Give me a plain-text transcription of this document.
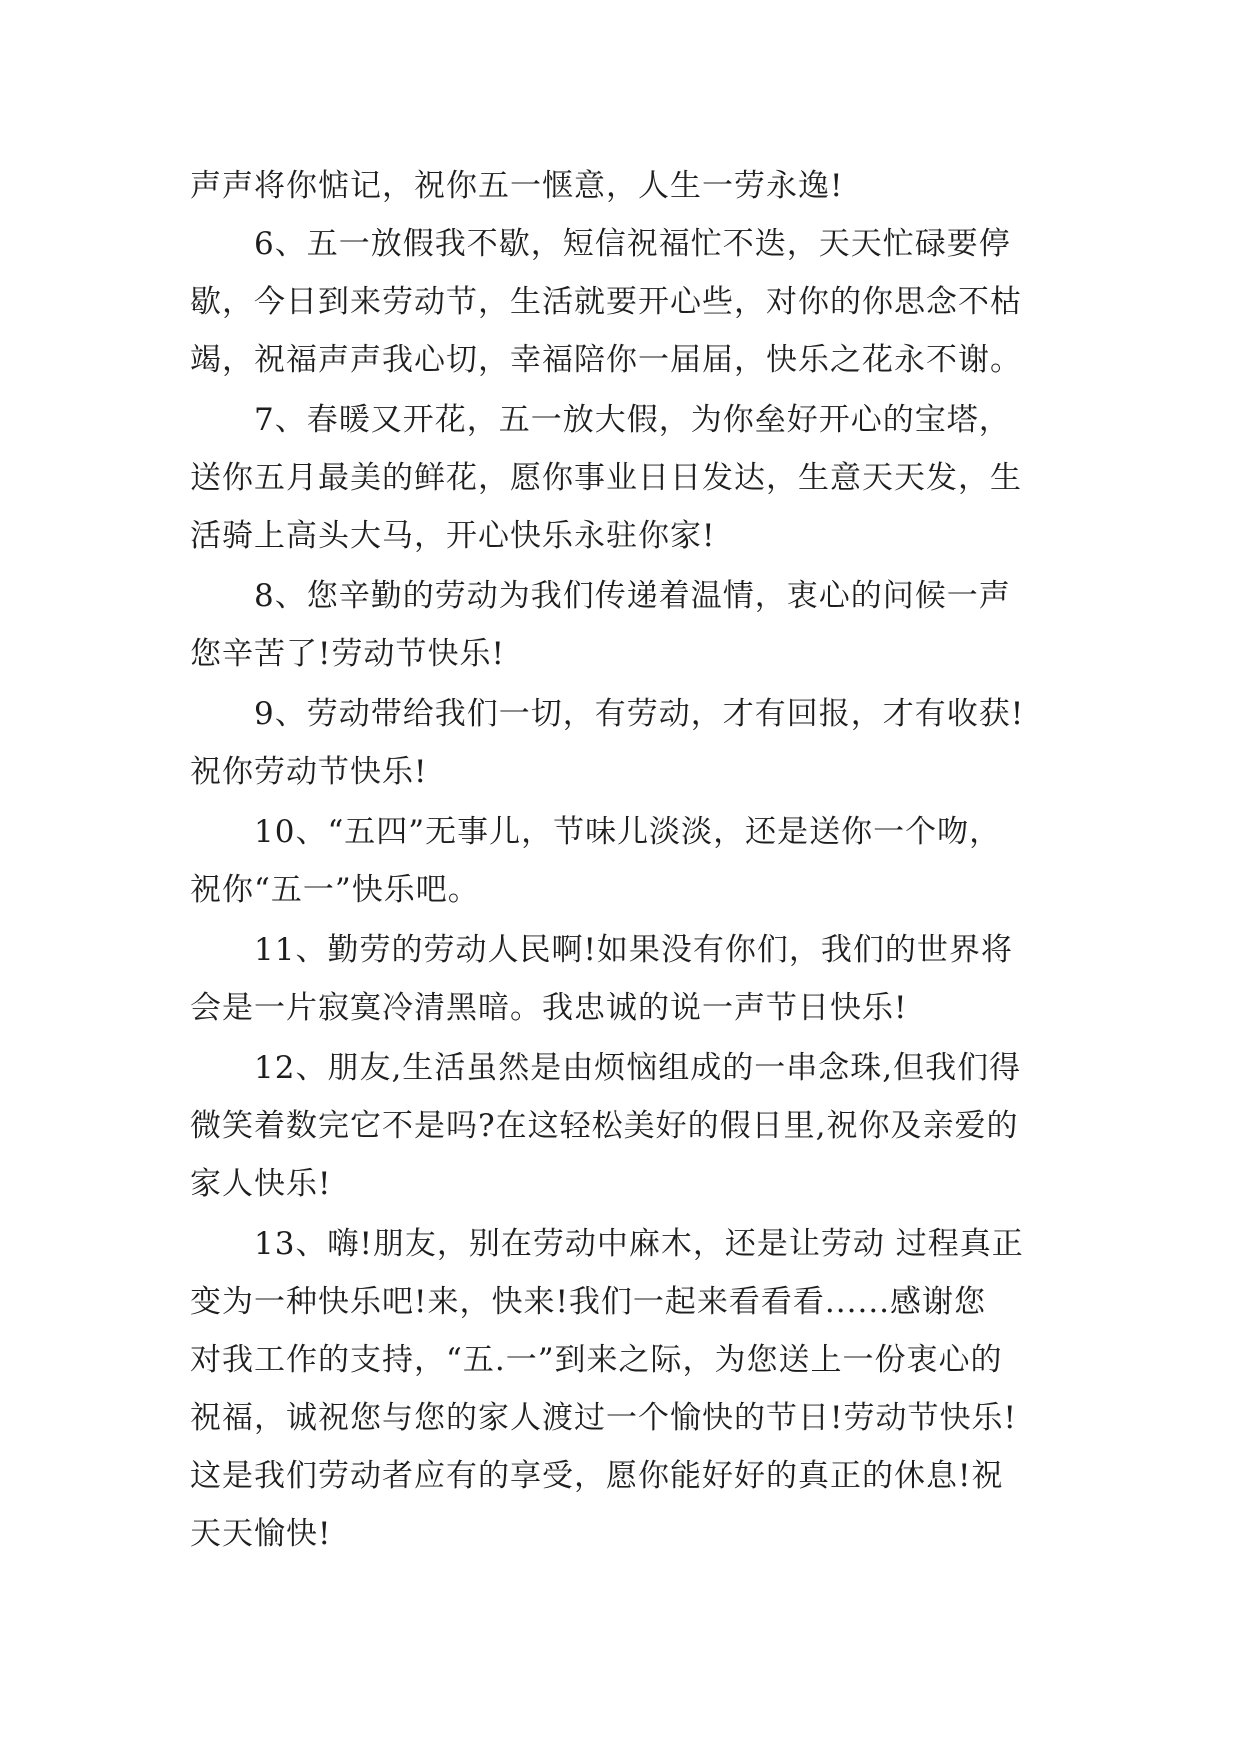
声声将你惦记，祝你五一惬意，人生一劳永逸!
6、五一放假我不歇，短信祝福忙不迭，天天忙碌要停
歇，今日到来劳动节，生活就要开心些，对你的你思念不枯
竭，祝福声声我心切，幸福陪你一届届，快乐之花永不谢。
7、春暖又开花，五一放大假，为你垒好开心的宝塔，
送你五月最美的鲜花，愿你事业日日发达，生意天天发，生
活骑上高头大马，开心快乐永驻你家!
8、您辛勤的劳动为我们传递着温情，衷心的问候一声
您辛苦了!劳动节快乐!
9、劳动带给我们一切，有劳动，才有回报，才有收获!
祝你劳动节快乐!
10、“五四”无事儿，节味儿淡淡，还是送你一个吻，
祝你“五一”快乐吧。
11、勤劳的劳动人民啊!如果没有你们，我们的世界将
会是一片寂寞冷清黑暗。我忠诚的说一声节日快乐!
12、朋友,生活虽然是由烦恼组成的一串念珠,但我们得
微笑着数完它不是吗?在这轻松美好的假日里,祝你及亲爱的
家人快乐!
13、嗨!朋友，别在劳动中麻木，还是让劳动 过程真正
变为一种快乐吧!来，快来!我们一起来看看看......感谢您
对我工作的支持，“五.一”到来之际，为您送上一份衷心的
祝福，诚祝您与您的家人渡过一个愉快的节日!劳动节快乐!
这是我们劳动者应有的享受，愿你能好好的真正的休息!祝
天天愉快!
